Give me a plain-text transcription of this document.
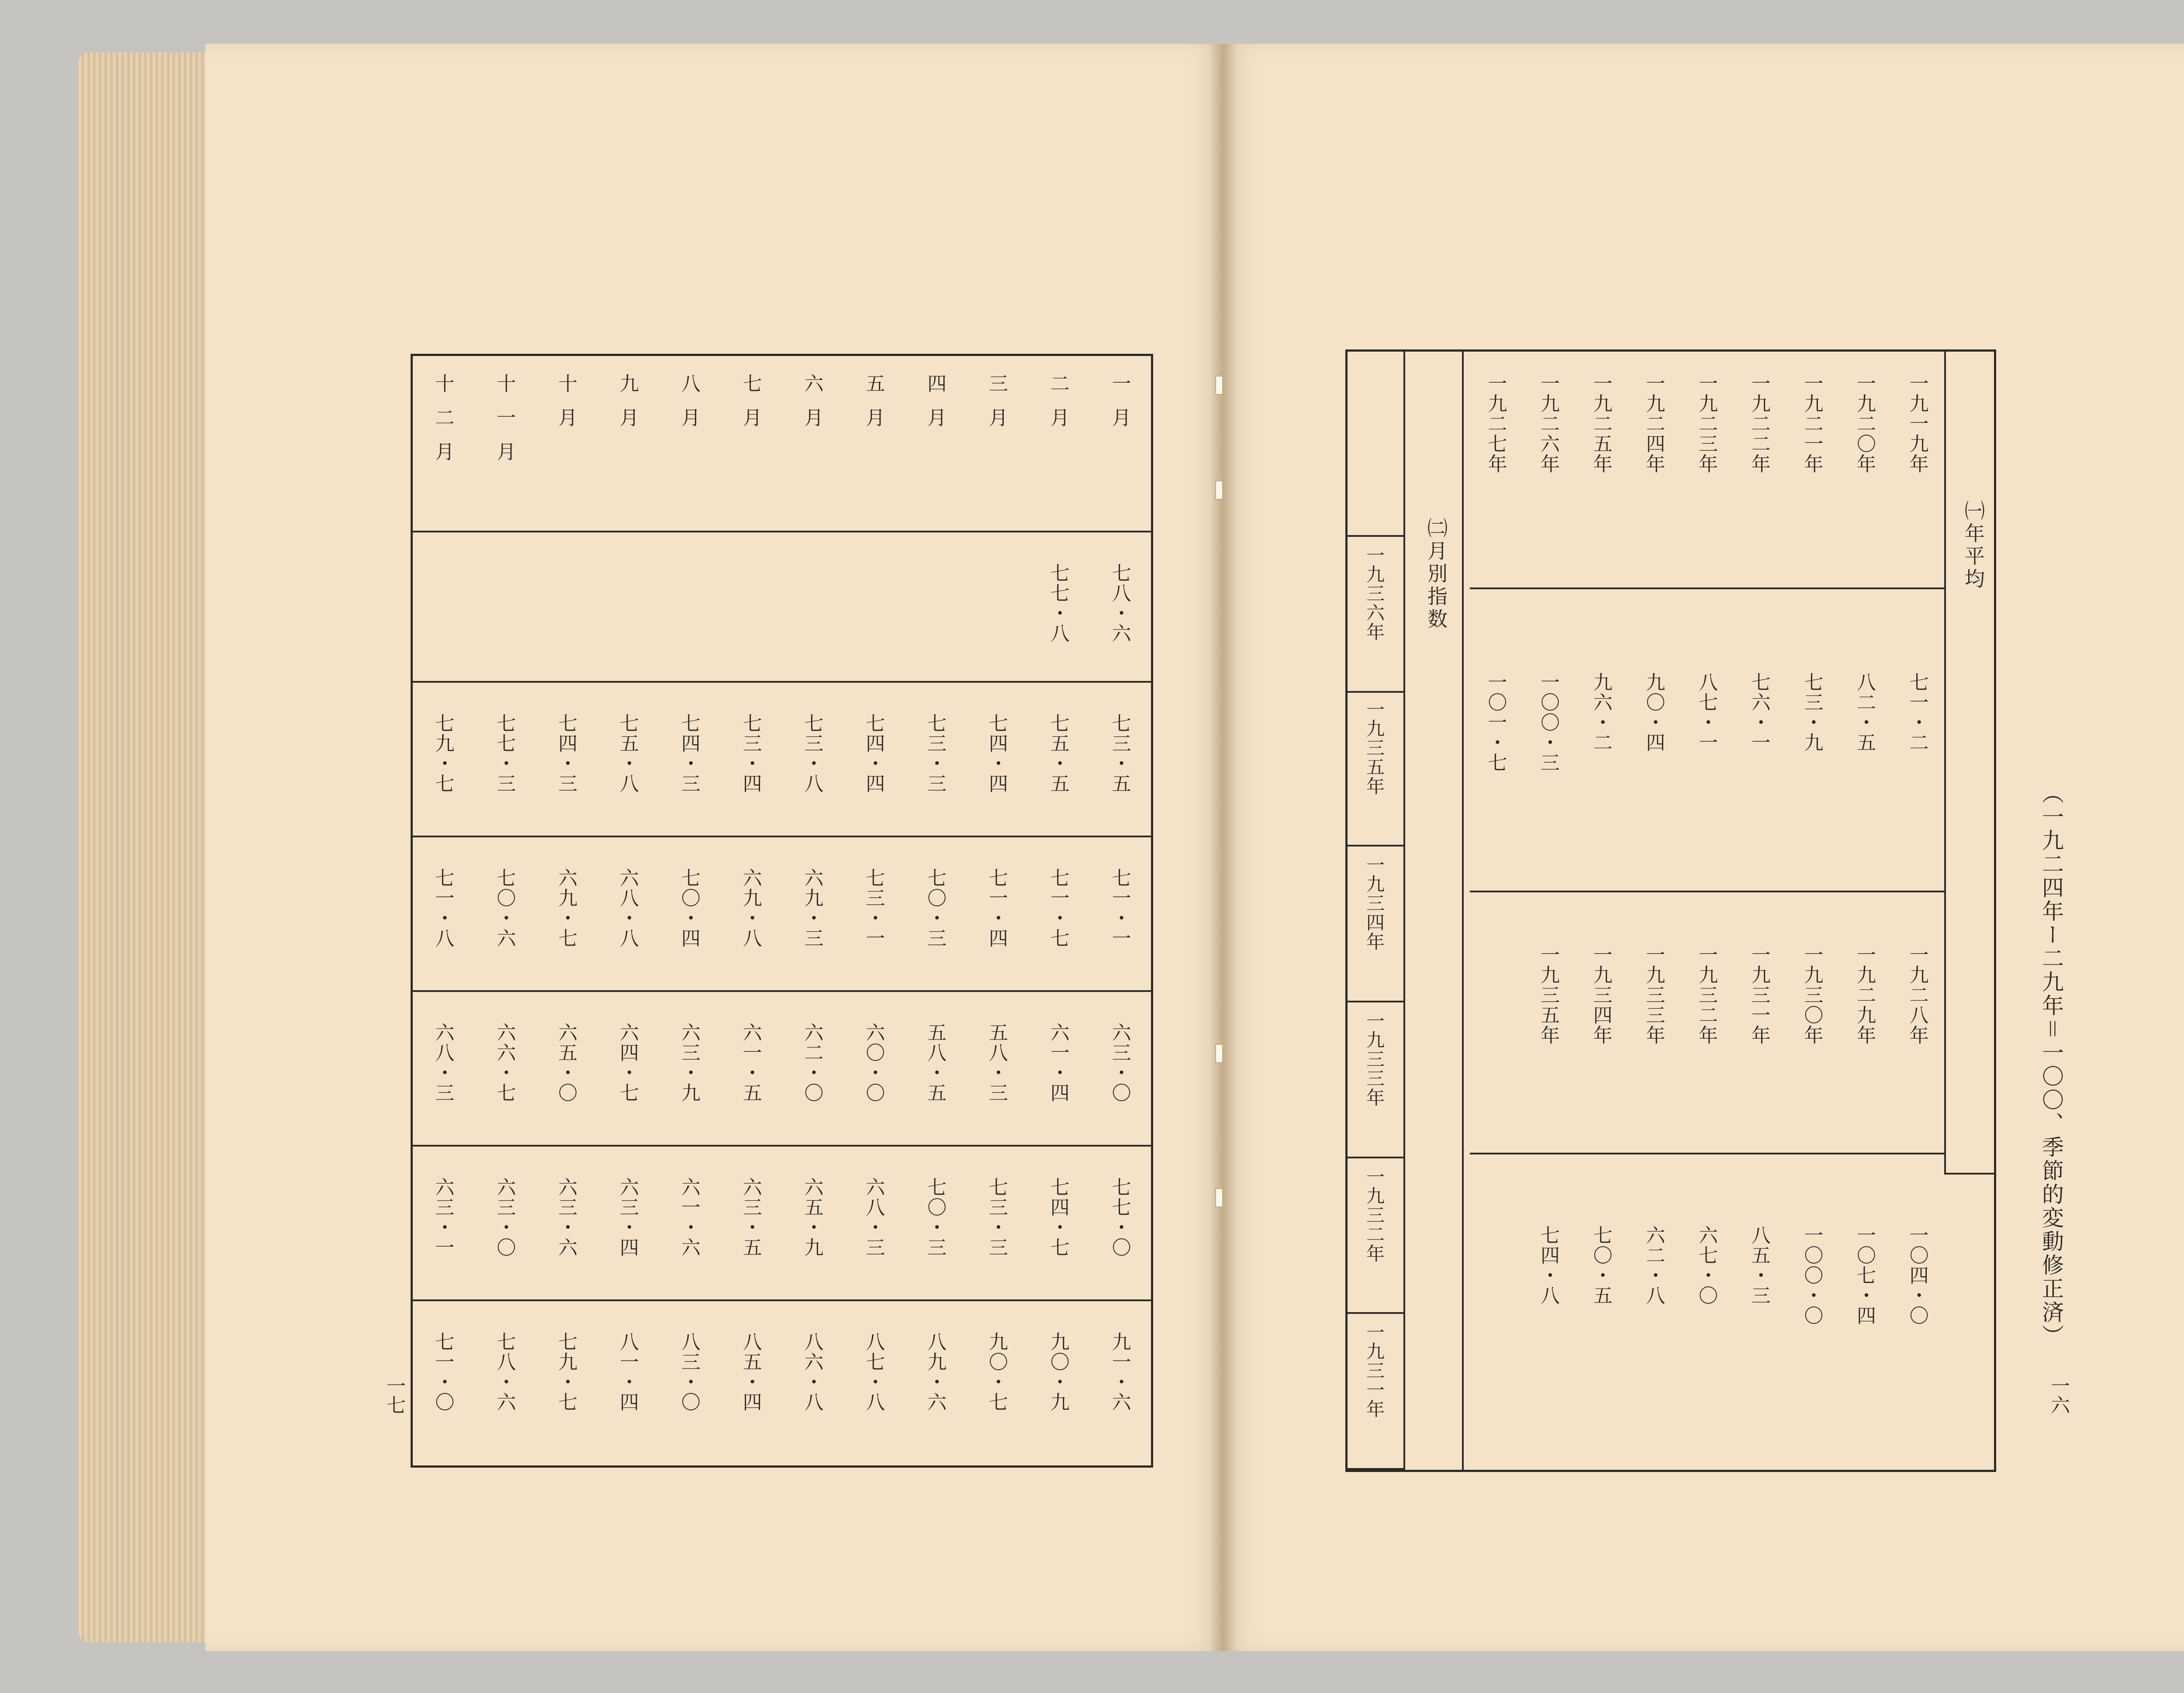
一月
二月
三月
四月
五月
六月
七月
八月
九月
十月
十一月
十二月
七八・六
七七・八
七三・五
七五・五
七四・四
七三・三
七四・四
七三・八
七三・四
七四・三
七五・八
七四・三
七七・三
七九・七
七一・一
七一・七
七一・四
七〇・三
七三・一
六九・三
六九・八
七〇・四
六八・八
六九・七
七〇・六
七一・八
六三・〇
六一・四
五八・三
五八・五
六〇・〇
六二・〇
六一・五
六三・九
六四・七
六五・〇
六六・七
六八・三
七七・〇
七四・七
七三・三
七〇・三
六八・三
六五・九
六三・五
六一・六
六三・四
六三・六
六三・〇
六三・一
九一・六
九〇・九
九〇・七
八九・六
八七・八
八六・八
八五・四
八三・〇
八一・四
七九・七
七八・六
七一・〇
一七
一九三六年
一九三五年
一九三四年
一九三三年
一九三二年
一九三一年
㈡月別指数	㈠年平均
一九一九年
一九二〇年
一九二一年
一九二二年
一九二三年
一九二四年
一九二五年
一九二六年
一九二七年
七一・二
八二・五
七三・九
七六・一
八七・一
九〇・四
九六・二
一〇〇・三
一〇一・七
一九二八年
一九二九年
一九三〇年
一九三一年
一九三二年
一九三三年
一九三四年
一九三五年
一〇四・〇
一〇七・四
一〇〇・〇
八五・三
六七・〇
六二・八
七〇・五
七四・八	（一九二四年ー二九年＝一〇〇、季節的変動修正済）
一六
